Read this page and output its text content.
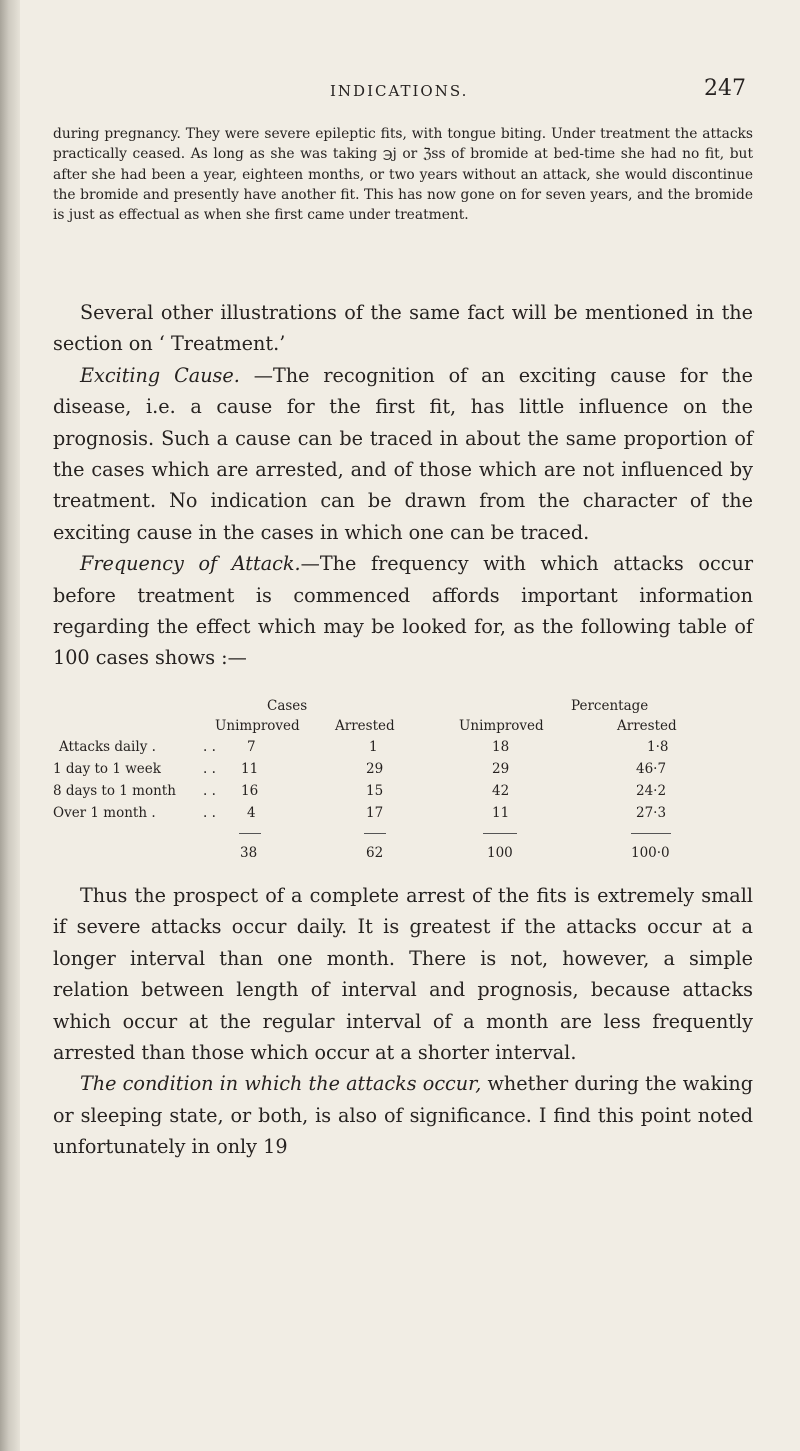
INDICATIONS.	247

during pregnancy. They were severe epileptic fits, with tongue biting. Under treatment the attacks practically ceased. As long as she was taking ℈j or ℨss of bromide at bed-time she had no fit, but after she had been a year, eighteen months, or two years without an attack, she would discontinue the bromide and presently have another fit. This has now gone on for seven years, and the bromide is just as effectual as when she first came under treatment.

Several other illustrations of the same fact will be mentioned in the section on ‘ Treatment.’

Exciting Cause. —The recognition of an exciting cause for the disease, i.e. a cause for the first fit, has little influence on the prognosis. Such a cause can be traced in about the same proportion of the cases which are arrested, and of those which are not influenced by treatment. No indication can be drawn from the character of the exciting cause in the cases in which one can be traced.

Frequency of Attack.—The frequency with which attacks occur before treatment is commenced affords important information regarding the effect which may be looked for, as the following table of 100 cases shows :—

Cases	Percentage
Unimproved	Arrested	Unimproved	Arrested
Attacks daily .	. . 7	1	18	1·8
1 day to 1 week	. . 11	29	29	46·7
8 days to 1 month . . 16	15	42	24·2
Over 1 month .	. . 4	17	11	27·3
38	62	100	100·0

Thus the prospect of a complete arrest of the fits is extremely small if severe attacks occur daily. It is greatest if the attacks occur at a longer interval than one month. There is not, however, a simple relation between length of interval and prognosis, because attacks which occur at the regular interval of a month are less frequently arrested than those which occur at a shorter interval.

The condition in which the attacks occur, whether during the waking or sleeping state, or both, is also of significance. I find this point noted unfortunately in only 19
